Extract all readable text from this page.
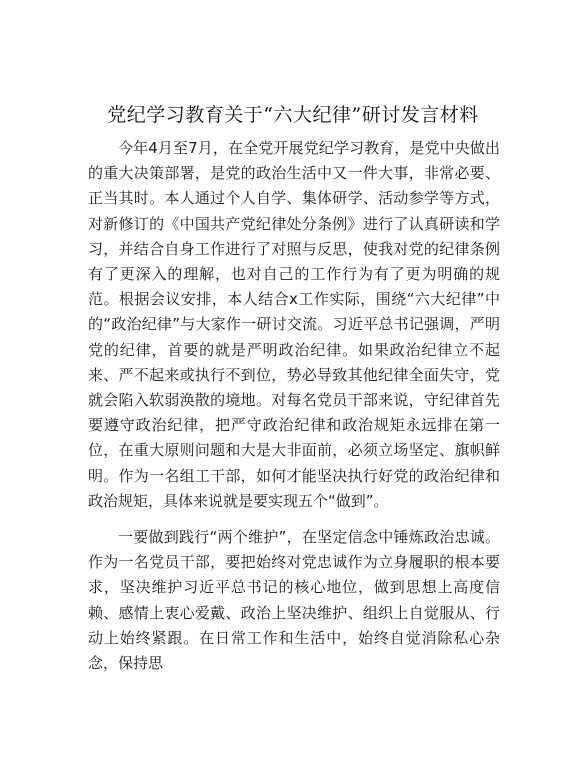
党纪学习教育关于“六大纪律”研讨发言材料

今年4月至7月，在全党开展党纪学习教育，是党中央做出的重大决策部署，是党的政治生活中又一件大事，非常必要、正当其时。本人通过个人自学、集体研学、活动参学等方式，对新修订的《中国共产党纪律处分条例》进行了认真研读和学习，并结合自身工作进行了对照与反思，使我对党的纪律条例有了更深入的理解，也对自己的工作行为有了更为明确的规范。根据会议安排，本人结合x工作实际，围绕“六大纪律”中的“政治纪律”与大家作一研讨交流。习近平总书记强调，严明党的纪律，首要的就是严明政治纪律。如果政治纪律立不起来、严不起来或执行不到位，势必导致其他纪律全面失守，党就会陷入软弱涣散的境地。对每名党员干部来说，守纪律首先要遵守政治纪律，把严守政治纪律和政治规矩永远排在第一位，在重大原则问题和大是大非面前，必须立场坚定、旗帜鲜明。作为一名组工干部，如何才能坚决执行好党的政治纪律和政治规矩，具体来说就是要实现五个“做到”。

一要做到践行“两个维护”，在坚定信念中锤炼政治忠诚。作为一名党员干部，要把始终对党忠诚作为立身履职的根本要求，坚决维护习近平总书记的核心地位，做到思想上高度信赖、感情上衷心爱戴、政治上坚决维护、组织上自觉服从、行动上始终紧跟。在日常工作和生活中，始终自觉消除私心杂念，保持思
